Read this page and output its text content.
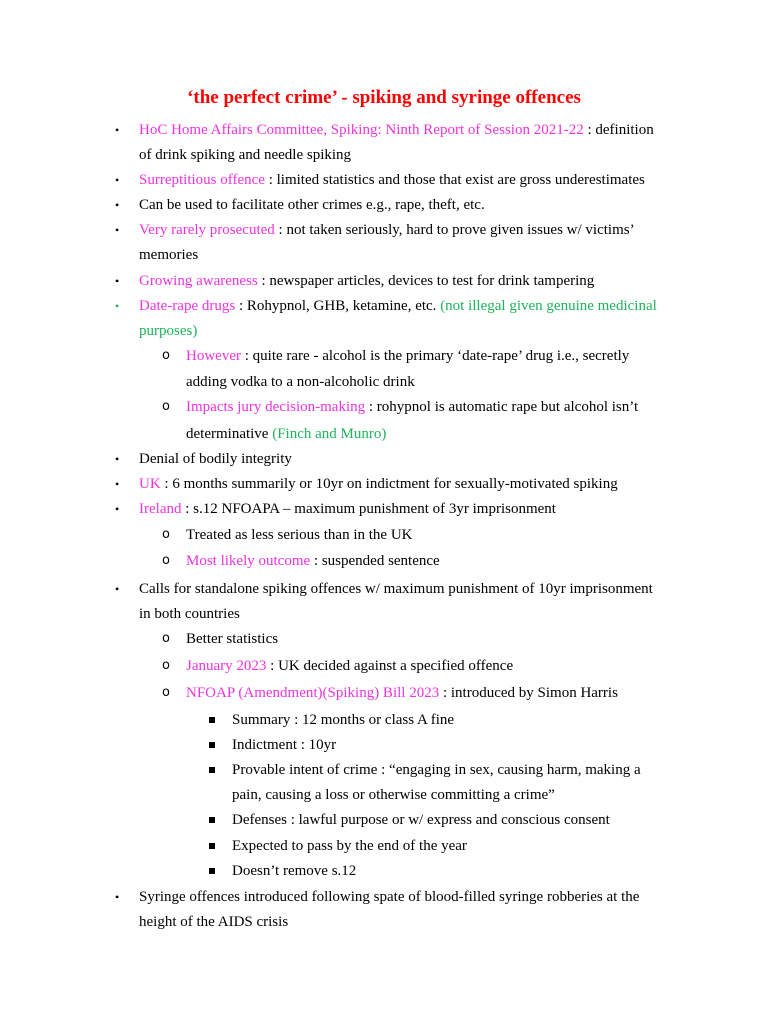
‘the perfect crime’ - spiking and syringe offences
• HoC Home Affairs Committee, Spiking: Ninth Report of Session 2021-22 : definition
of drink spiking and needle spiking
• Surreptitious offence : limited statistics and those that exist are gross underestimates
• Can be used to facilitate other crimes e.g., rape, theft, etc.
• Very rarely prosecuted : not taken seriously, hard to prove given issues w/ victims’
memories
• Growing awareness : newspaper articles, devices to test for drink tampering
• Date-rape drugs : Rohypnol, GHB, ketamine, etc. (not illegal given genuine medicinal
purposes)
o However : quite rare - alcohol is the primary ‘date-rape’ drug i.e., secretly
adding vodka to a non-alcoholic drink
o Impacts jury decision-making : rohypnol is automatic rape but alcohol isn’t
determinative (Finch and Munro)
• Denial of bodily integrity
• UK : 6 months summarily or 10yr on indictment for sexually-motivated spiking
• Ireland : s.12 NFOAPA – maximum punishment of 3yr imprisonment
o Treated as less serious than in the UK
o Most likely outcome : suspended sentence
• Calls for standalone spiking offences w/ maximum punishment of 10yr imprisonment
in both countries
o Better statistics
o January 2023 : UK decided against a specified offence
o NFOAP (Amendment)(Spiking) Bill 2023 : introduced by Simon Harris
Summary : 12 months or class A fine
Indictment : 10yr
Provable intent of crime : “engaging in sex, causing harm, making a
pain, causing a loss or otherwise committing a crime”
Defenses : lawful purpose or w/ express and conscious consent
Expected to pass by the end of the year
Doesn’t remove s.12
• Syringe offences introduced following spate of blood-filled syringe robberies at the
height of the AIDS crisis
